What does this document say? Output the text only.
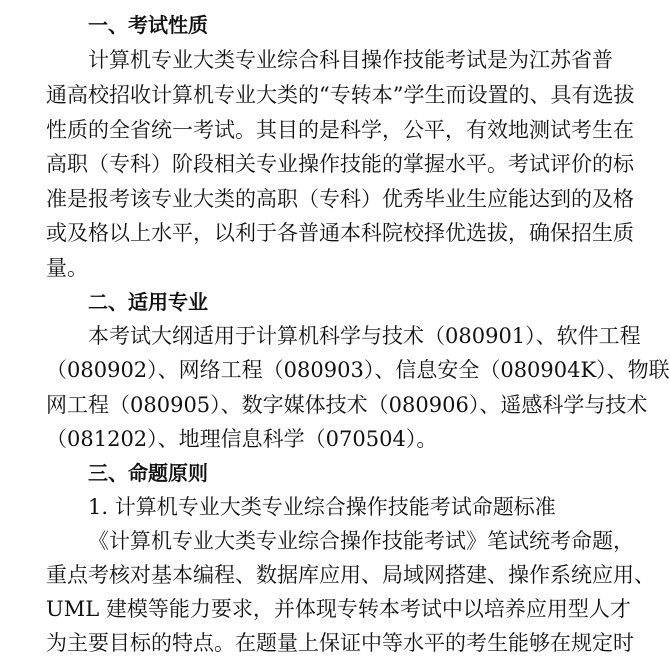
一、考试性质
计算机专业大类专业综合科目操作技能考试是为江苏省普
通高校招收计算机专业大类的“专转本”学生而设置的、具有选拔
性质的全省统一考试。其目的是科学，公平，有效地测试考生在
高职（专科）阶段相关专业操作技能的掌握水平。考试评价的标
准是报考该专业大类的高职（专科）优秀毕业生应能达到的及格
或及格以上水平，以利于各普通本科院校择优选拔，确保招生质
量。
二、适用专业
本考试大纲适用于计算机科学与技术（080901）、软件工程
（080902）、网络工程（080903）、信息安全（080904K）、物联
网工程（080905）、数字媒体技术（080906）、遥感科学与技术
（081202）、地理信息科学（070504）。
三、命题原则
1. 计算机专业大类专业综合操作技能考试命题标准
《计算机专业大类专业综合操作技能考试》笔试统考命题，
重点考核对基本编程、数据库应用、局域网搭建、操作系统应用、
UML 建模等能力要求，并体现专转本考试中以培养应用型人才
为主要目标的特点。在题量上保证中等水平的考生能够在规定时
